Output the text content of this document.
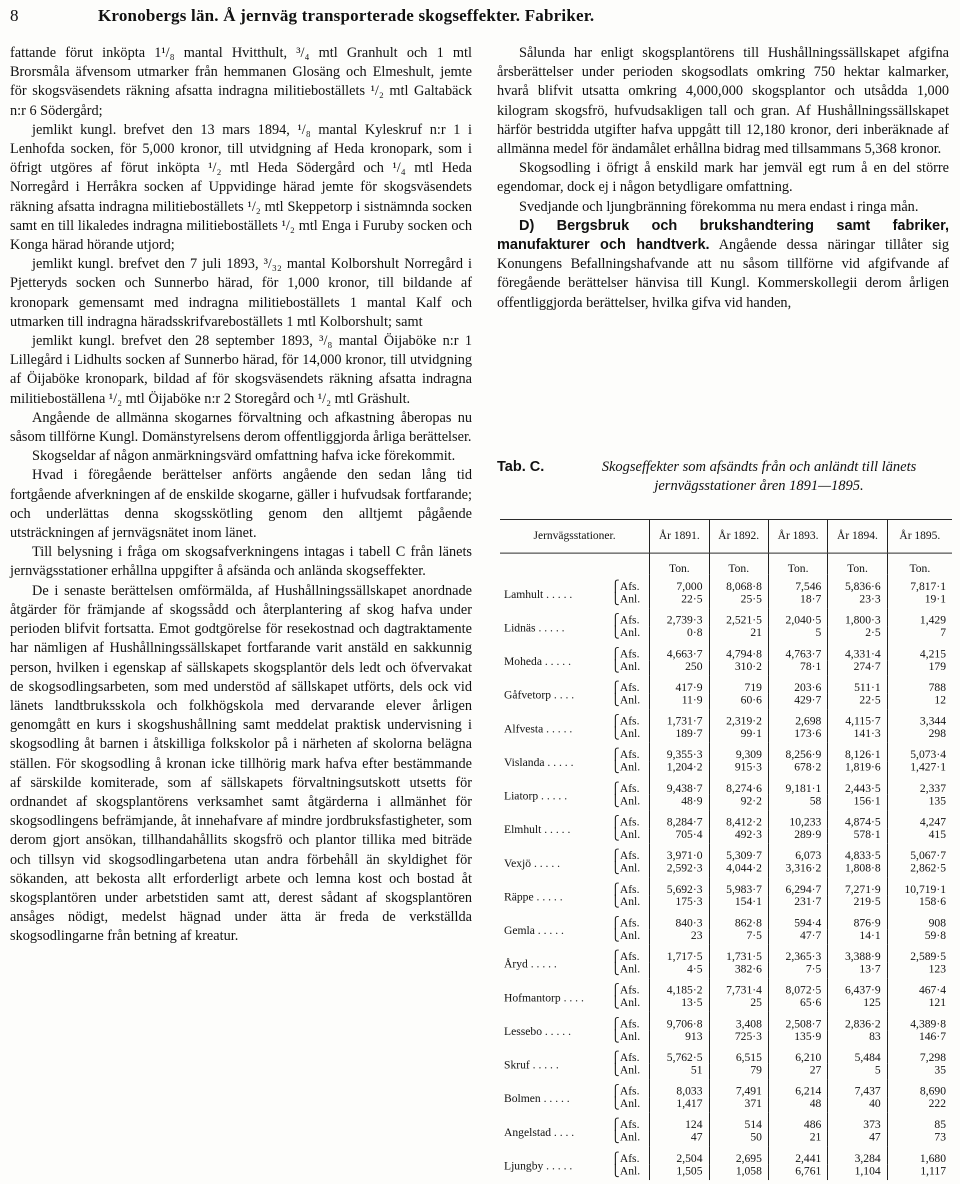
8	Kronobergs län. Å jernväg transporterade skogseffekter. Fabriker.

fattande förut inköpta 1¹/₈ mantal Hvitthult, ³/₄ mtl Granhult och 1 mtl Brorsmåla äfvensom utmarker från hemmanen Glosäng och Elmeshult, jemte för skogsväsendets räkning afsatta indragna militieboställets ¹/₂ mtl Galtabäck n:r 6 Södergård;

jemlikt kungl. brefvet den 13 mars 1894, ¹/₈ mantal Kyleskruf n:r 1 i Lenhofda socken, för 5,000 kronor, till utvidgning af Heda kronopark, som i öfrigt utgöres af förut inköpta ¹/₂ mtl Heda Södergård och ¹/₄ mtl Heda Norregård i Herråkra socken af Uppvidinge härad jemte för skogsväsendets räkning afsatta indragna militieboställets ¹/₂ mtl Skeppetorp i sistnämnda socken samt en till likaledes indragna militieboställets ¹/₂ mtl Enga i Furuby socken och Konga härad hörande utjord;

jemlikt kungl. brefvet den 7 juli 1893, ³/₃₂ mantal Kolborshult Norregård i Pjetteryds socken och Sunnerbo härad, för 1,000 kronor, till bildande af kronopark gemensamt med indragna militieboställets 1 mantal Kalf och utmarken till indragna häradsskrifvareboställets 1 mtl Kolborshult; samt

jemlikt kungl. brefvet den 28 september 1893, ³/₈ mantal Öijaböke n:r 1 Lillegård i Lidhults socken af Sunnerbo härad, för 14,000 kronor, till utvidgning af Öijaböke kronopark, bildad af för skogsväsendets räkning afsatta indragna militieboställena ¹/₂ mtl Öijaböke n:r 2 Storegård och ¹/₂ mtl Gräshult.

Angående de allmänna skogarnes förvaltning och afkastning åberopas nu såsom tillförne Kungl. Domänstyrelsens derom offentliggjorda årliga berättelser.

Skogseldar af någon anmärkningsvärd omfattning hafva icke förekommit.

Hvad i föregående berättelser anförts angående den sedan lång tid fortgående afverkningen af de enskilde skogarne, gäller i hufvudsak fortfarande; och underlättas denna skogsskötling genom den alltjemt pågående utsträckningen af jernvägsnätet inom länet.

Till belysning i fråga om skogsafverkningens intagas i tabell C från länets jernvägsstationer erhållna uppgifter å afsända och anlända skogseffekter.

De i senaste berättelsen omförmälda, af Hushållningssällskapet anordnade åtgärder för främjande af skogssådd och återplantering af skog hafva under perioden blifvit fortsatta. Emot godtgörelse för resekostnad och dagtraktamente har nämligen af Hushållningssällskapet fortfarande varit anstäld en sakkunnig person, hvilken i egenskap af sällskapets skogsplantör dels ledt och öfvervakat de skogsodlingsarbeten, som med understöd af sällskapet utförts, dels ock vid länets landtbruksskola och folkhögskola med dervarande elever årligen genomgått en kurs i skogshushållning samt meddelat praktisk undervisning i skogsodling åt barnen i åtskilliga folkskolor på i närheten af skolorna belägna ställen. För skogsodling å kronan icke tillhörig mark hafva efter bestämmande af särskilde komiterade, som af sällskapets förvaltningsutskott utsetts för ordnandet af skogsplantörens verksamhet samt åtgärderna i allmänhet för skogsodlingens befrämjande, åt innehafvare af mindre jordbruksfastigheter, som derom gjort ansökan, tillhandahållits skogsfrö och plantor tillika med biträde och tillsyn vid skogsodlingarbetena utan andra förbehåll än skyldighet för sökanden, att bekosta allt erforderligt arbete och lemna kost och bostad åt skogsplantören under arbetstiden samt att, derest sådant af skogsplantören ansåges nödigt, medelst hägnad under ätta är freda de verkställda skogsodlingarne från betning af kreatur.

Sålunda har enligt skogsplantörens till Hushållningssällskapet afgifna årsberättelser under perioden skogsodlats omkring 750 hektar kalmarker, hvarå blifvit utsatta omkring 4,000,000 skogsplantor och utsådda 1,000 kilogram skogsfrö, hufvudsakligen tall och gran. Af Hushållningssällskapet härför bestridda utgifter hafva uppgått till 12,180 kronor, deri inberäknade af allmänna medel för ändamålet erhållna bidrag med tillsammans 5,368 kronor.

Skogsodling i öfrigt å enskild mark har jemväl egt rum å en del större egendomar, dock ej i någon betydligare omfattning.

Svedjande och ljungbränning förekomma nu mera endast i ringa mån.

D) Bergsbruk och brukshandtering samt fabriker, manufakturer och handtverk. Angående dessa näringar tillåter sig Konungens Befallningshafvande att nu såsom tillförne vid afgifvande af föregående berättelser hänvisa till Kungl. Kommerskollegii derom årligen offentliggjorda berättelser, hvilka gifva vid handen,

Tab. C.	Skogseffekter som afsändts från och anländt till länets jernvägsstationer åren 1891—1895.
Jernvägsstationer.		År 1891.	År 1892.	År 1893.	År 1894.	År 1895.
		Ton.	Ton.	Ton.	Ton.	Ton.
Lamhult . . . . .	⎧Afs.	7,000	8,068·8	7,546	5,836·6	7,817·1
	⎩Anl.	22·5	25·5	18·7	23·3	19·1
Lidnäs . . . . .	⎧Afs.	2,739·3	2,521·5	2,040·5	1,800·3	1,429
	⎩Anl.	0·8	21	5	2·5	7
Moheda . . . . .	⎧Afs.	4,663·7	4,794·8	4,763·7	4,331·4	4,215
	⎩Anl.	250	310·2	78·1	274·7	179
Gåfvetorp . . . .	⎧Afs.	417·9	719	203·6	511·1	788
	⎩Anl.	11·9	60·6	429·7	22·5	12
Alfvesta . . . . .	⎧Afs.	1,731·7	2,319·2	2,698	4,115·7	3,344
	⎩Anl.	189·7	99·1	173·6	141·3	298
Vislanda . . . . .	⎧Afs.	9,355·3	9,309	8,256·9	8,126·1	5,073·4
	⎩Anl.	1,204·2	915·3	678·2	1,819·6	1,427·1
Liatorp . . . . .	⎧Afs.	9,438·7	8,274·6	9,181·1	2,443·5	2,337
	⎩Anl.	48·9	92·2	58	156·1	135
Elmhult . . . . .	⎧Afs.	8,284·7	8,412·2	10,233	4,874·5	4,247
	⎩Anl.	705·4	492·3	289·9	578·1	415
Vexjö . . . . .	⎧Afs.	3,971·0	5,309·7	6,073	4,833·5	5,067·7
	⎩Anl.	2,592·3	4,044·2	3,316·2	1,808·8	2,862·5
Räppe . . . . .	⎧Afs.	5,692·3	5,983·7	6,294·7	7,271·9	10,719·1
	⎩Anl.	175·3	154·1	231·7	219·5	158·6
Gemla . . . . .	⎧Afs.	840·3	862·8	594·4	876·9	908
	⎩Anl.	23	7·5	47·7	14·1	59·8
Åryd . . . . .	⎧Afs.	1,717·5	1,731·5	2,365·3	3,388·9	2,589·5
	⎩Anl.	4·5	382·6	7·5	13·7	123
Hofmantorp . . . .	⎧Afs.	4,185·2	7,731·4	8,072·5	6,437·9	467·4
	⎩Anl.	13·5	25	65·6	125	121
Lessebo . . . . .	⎧Afs.	9,706·8	3,408	2,508·7	2,836·2	4,389·8
	⎩Anl.	913	725·3	135·9	83	146·7
Skruf . . . . .	⎧Afs.	5,762·5	6,515	6,210	5,484	7,298
	⎩Anl.	51	79	27	5	35
Bolmen . . . . .	⎧Afs.	8,033	7,491	6,214	7,437	8,690
	⎩Anl.	1,417	371	48	40	222
Angelstad . . . .	⎧Afs.	124	514	486	373	85
	⎩Anl.	47	50	21	47	73
Ljungby . . . . .	⎧Afs.	2,504	2,695	2,441	3,284	1,680
	⎩Anl.	1,505	1,058	6,761	1,104	1,117
